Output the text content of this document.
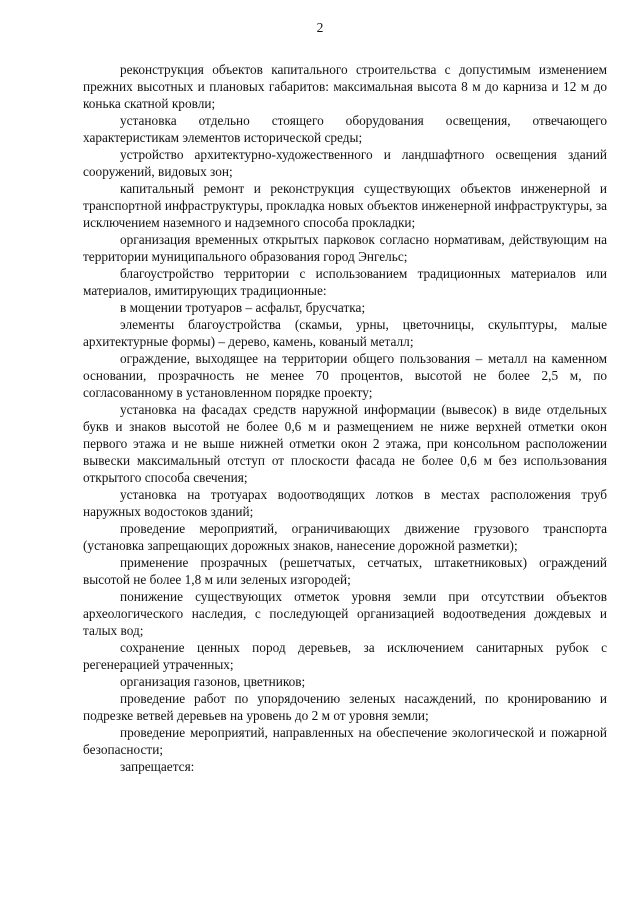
2

реконструкция объектов капитального строительства с допустимым изменением прежних высотных и плановых габаритов: максимальная высота 8 м до карниза и 12 м до конька скатной кровли;

установка отдельно стоящего оборудования освещения, отвечающего характеристикам элементов исторической среды;

устройство архитектурно-художественного и ландшафтного освещения зданий сооружений, видовых зон;

капитальный ремонт и реконструкция существующих объектов инженерной и транспортной инфраструктуры, прокладка новых объектов инженерной инфраструктуры, за исключением наземного и надземного способа прокладки;

организация временных открытых парковок согласно нормативам, действующим на территории муниципального образования город Энгельс;

благоустройство территории с использованием традиционных материалов или материалов, имитирующих традиционные:

в мощении тротуаров – асфальт, брусчатка;

элементы благоустройства (скамьи, урны, цветочницы, скульптуры, малые архитектурные формы) – дерево, камень, кованый металл;

ограждение, выходящее на территории общего пользования – металл на каменном основании, прозрачность не менее 70 процентов, высотой не более 2,5 м, по согласованному в установленном порядке проекту;

установка на фасадах средств наружной информации (вывесок) в виде отдельных букв и знаков высотой не более 0,6 м и размещением не ниже верхней отметки окон первого этажа и не выше нижней отметки окон 2 этажа, при консольном расположении вывески максимальный отступ от плоскости фасада не более 0,6 м без использования открытого способа свечения;

установка на тротуарах водоотводящих лотков в местах расположения труб наружных водостоков зданий;

проведение мероприятий, ограничивающих движение грузового транспорта (установка запрещающих дорожных знаков, нанесение дорожной разметки);

применение прозрачных (решетчатых, сетчатых, штакетниковых) ограждений высотой не более 1,8 м или зеленых изгородей;

понижение существующих отметок уровня земли при отсутствии объектов археологического наследия, с последующей организацией водоотведения дождевых и талых вод;

сохранение ценных пород деревьев, за исключением санитарных рубок с регенерацией утраченных;

организация газонов, цветников;

проведение работ по упорядочению зеленых насаждений, по кронированию и подрезке ветвей деревьев на уровень до 2 м от уровня земли;

проведение мероприятий, направленных на обеспечение экологической и пожарной безопасности;

запрещается:
